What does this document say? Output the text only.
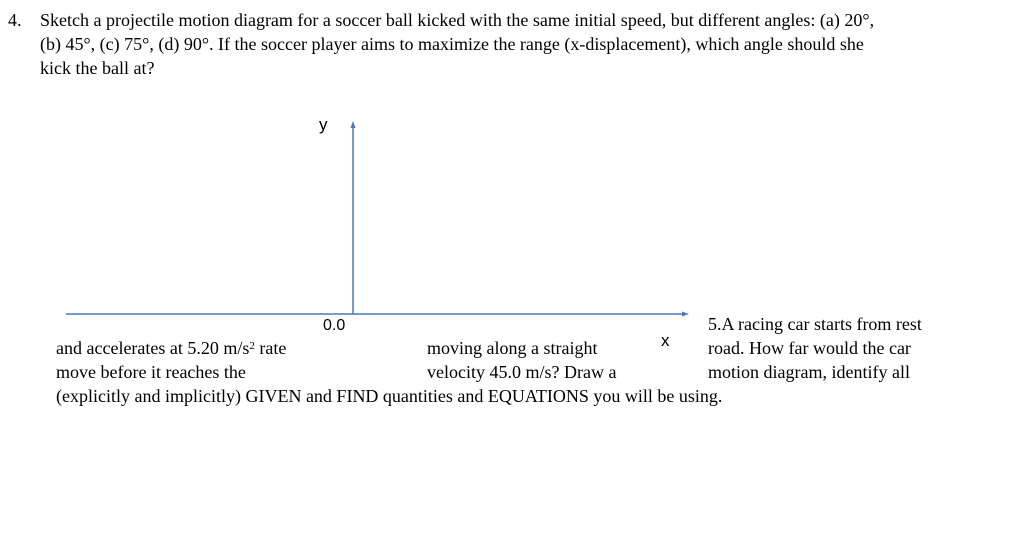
4. Sketch a projectile motion diagram for a soccer ball kicked with the same initial speed, but different angles: (a) 20°,
(b) 45°, (c) 75°, (d) 90°. If the soccer player aims to maximize the range (x-displacement), which angle should she
kick the ball at?
y
0.0
x
5.A racing car starts from rest
road. How far would the car
motion diagram, identify all
and accelerates at 5.20 $m/s^2$ rate
move before it reaches the
moving along a straight
velocity 45.0 m/s? Draw a
(explicitly and implicitly) GIVEN and FIND quantities and EQUATIONS you will be using.
